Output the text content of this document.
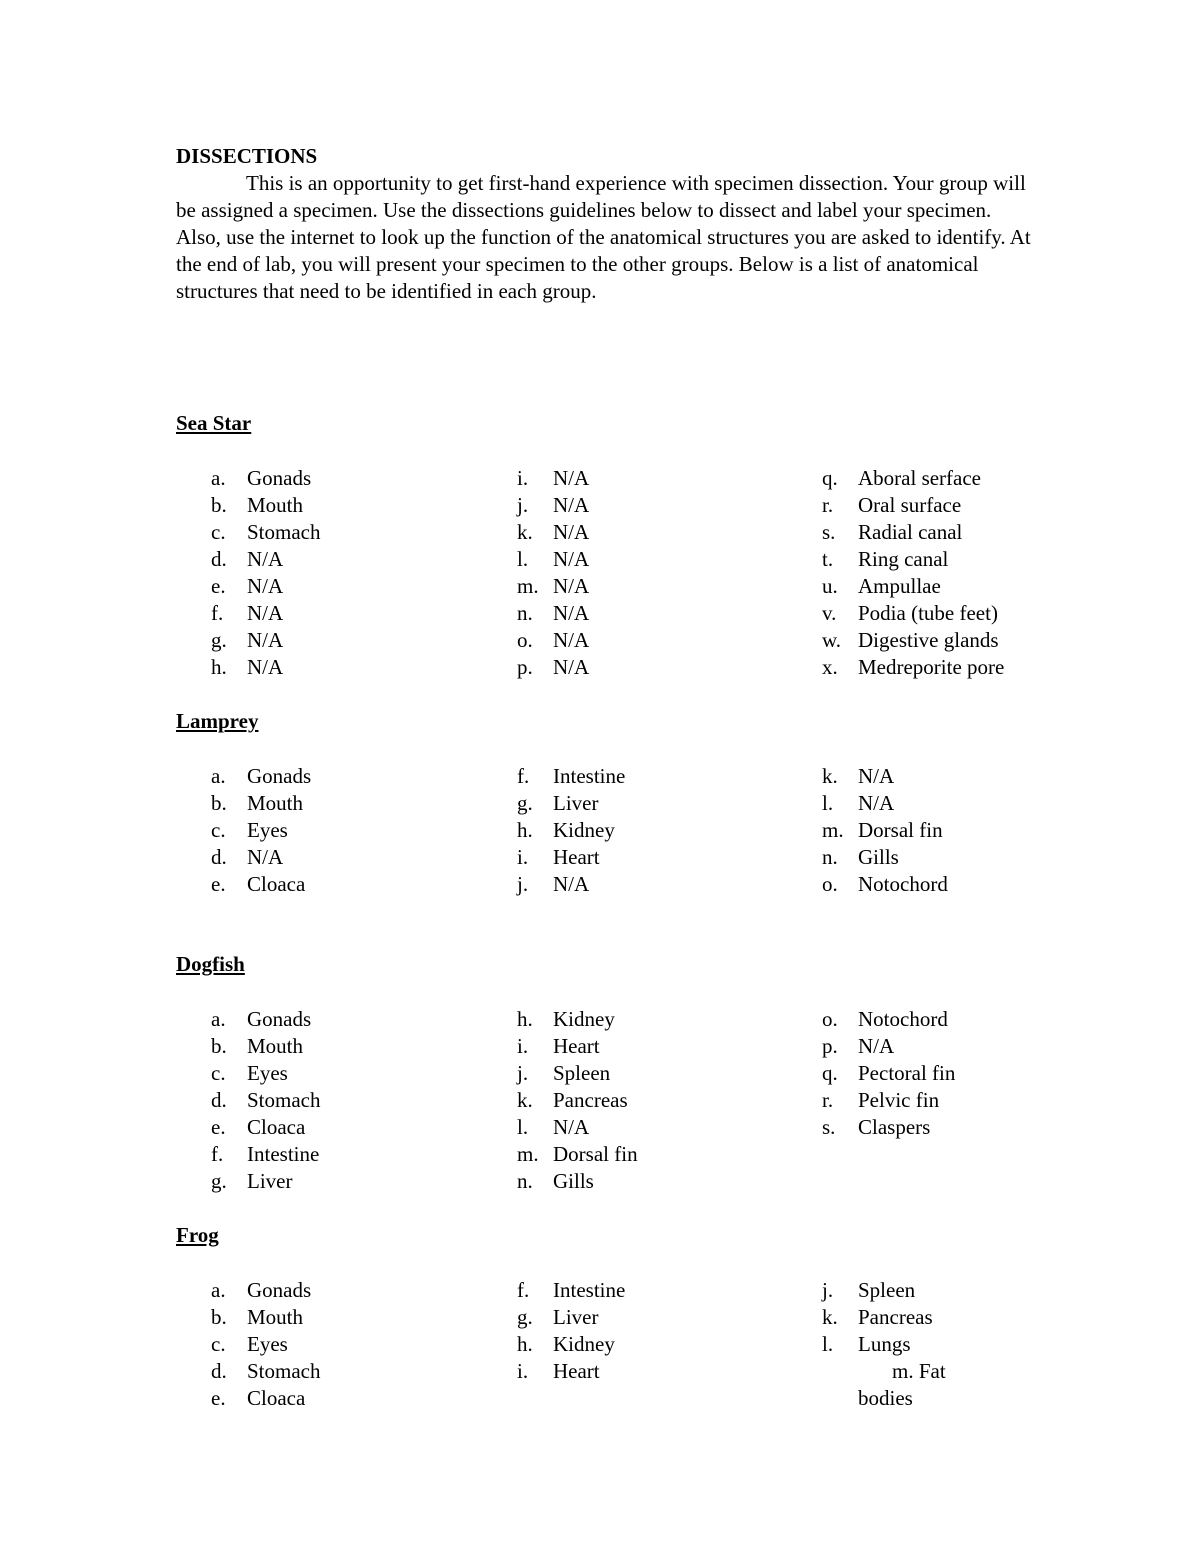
DISSECTIONS
This is an opportunity to get first-hand experience with specimen dissection. Your group will be assigned a specimen. Use the dissections guidelines below to dissect and label your specimen. Also, use the internet to look up the function of the anatomical structures you are asked to identify. At the end of lab, you will present your specimen to the other groups. Below is a list of anatomical structures that need to be identified in each group.
Sea Star
a. Gonads
b. Mouth
c. Stomach
d. N/A
e. N/A
f. N/A
g. N/A
h. N/A
i. N/A
j. N/A
k. N/A
l. N/A
m. N/A
n. N/A
o. N/A
p. N/A
q. Aboral serface
r. Oral surface
s. Radial canal
t. Ring canal
u. Ampullae
v. Podia (tube feet)
w. Digestive glands
x. Medreporite pore
Lamprey
a. Gonads
b. Mouth
c. Eyes
d. N/A
e. Cloaca
f. Intestine
g. Liver
h. Kidney
i. Heart
j. N/A
k. N/A
l. N/A
m. Dorsal fin
n. Gills
o. Notochord
Dogfish
a. Gonads
b. Mouth
c. Eyes
d. Stomach
e. Cloaca
f. Intestine
g. Liver
h. Kidney
i. Heart
j. Spleen
k. Pancreas
l. N/A
m. Dorsal fin
n. Gills
o. Notochord
p. N/A
q. Pectoral fin
r. Pelvic fin
s. Claspers
Frog
a. Gonads
b. Mouth
c. Eyes
d. Stomach
e. Cloaca
f. Intestine
g. Liver
h. Kidney
i. Heart
j. Spleen
k. Pancreas
l. Lungs
m. Fat
bodies
